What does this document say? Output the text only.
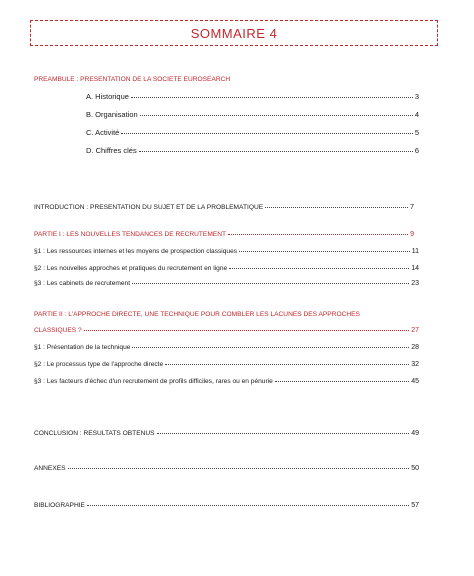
SOMMAIRE 4
PREAMBULE : PRESENTATION DE LA SOCIETE EUROSEARCH
A. Historique	3
B. Organisation	4
C. Activité	5
D. Chiffres clés	6
INTRODUCTION : PRESENTATION DU SUJET ET DE LA PROBLEMATIQUE	7
PARTIE I : LES NOUVELLES TENDANCES DE RECRUTEMENT	9
§1 : Les ressources internes et les moyens de prospection classiques	11
§2 : Les nouvelles approches et pratiques du recrutement en ligne	14
§3 : Les cabinets de recrutement	23
PARTIE II : L'APPROCHE DIRECTE, UNE TECHNIQUE POUR COMBLER LES LACUNES DES APPROCHES
CLASSIQUES ?	27
§1 : Présentation de la technique	28
§2 : Le processus type de l'approche directe	32
§3 : Les facteurs d'échec d'un recrutement de profils difficiles, rares ou en pénurie	45
CONCLUSION : RESULTATS OBTENUS	49
ANNEXES	50
BIBLIOGRAPHIE	57
